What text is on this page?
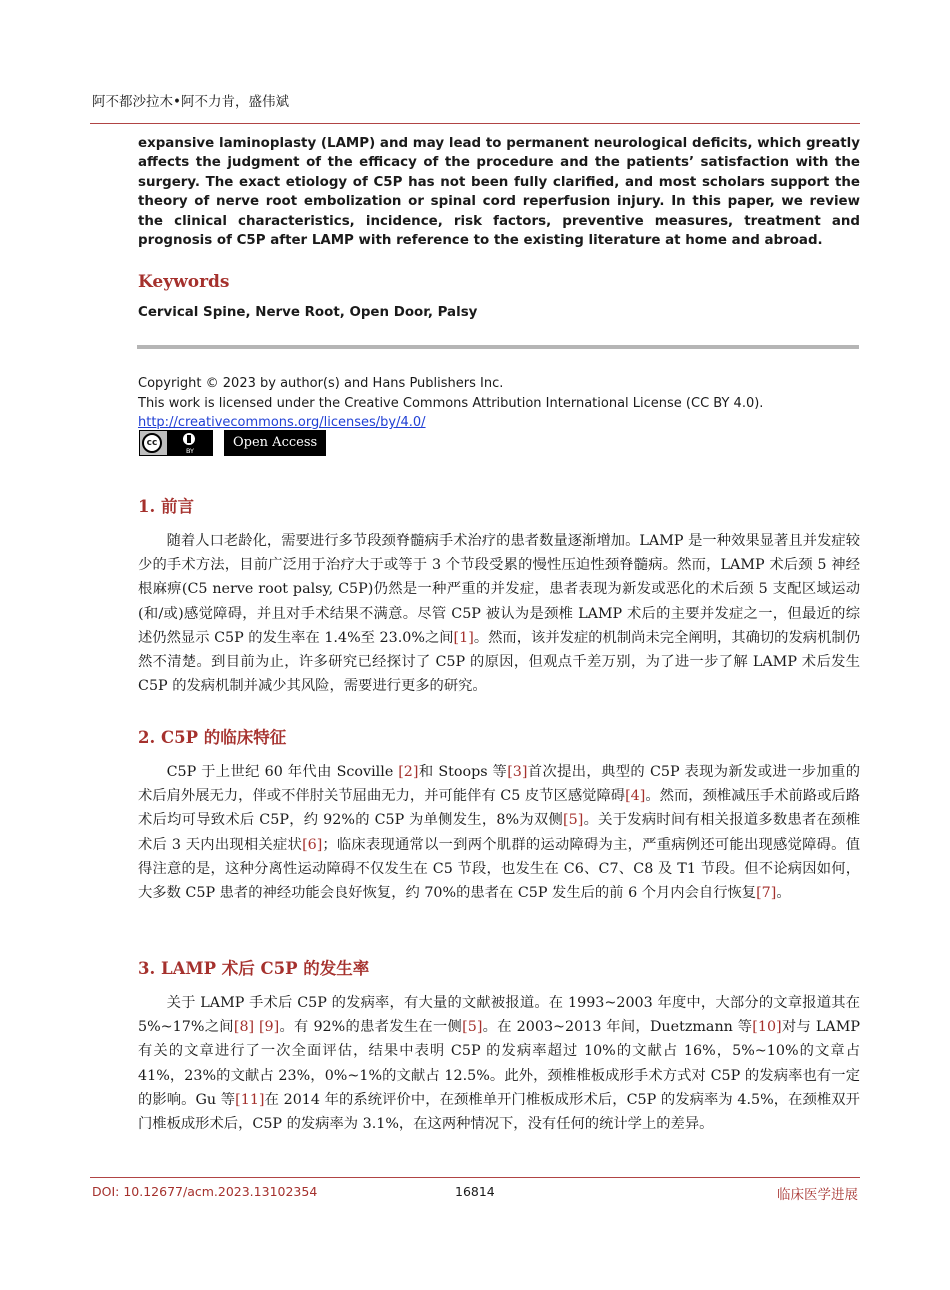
阿不都沙拉木•阿不力肯，盛伟斌

expansive laminoplasty (LAMP) and may lead to permanent neurological deficits, which greatly affects the judgment of the efficacy of the procedure and the patients’ satisfaction with the surgery. The exact etiology of C5P has not been fully clarified, and most scholars support the theory of nerve root embolization or spinal cord reperfusion injury. In this paper, we review the clinical characteristics, incidence, risk factors, preventive measures, treatment and prognosis of C5P after LAMP with reference to the existing literature at home and abroad.

Keywords
Cervical Spine, Nerve Root, Open Door, Palsy
Copyright © 2023 by author(s) and Hans Publishers Inc.
This work is licensed under the Creative Commons Attribution International License (CC BY 4.0).
http://creativecommons.org/licenses/by/4.0/
cc
BY
Open Access
1. 前言

随着人口老龄化，需要进行多节段颈脊髓病手术治疗的患者数量逐渐增加。LAMP 是一种效果显著且并发症较少的手术方法，目前广泛用于治疗大于或等于 3 个节段受累的慢性压迫性颈脊髓病。然而，LAMP 术后颈 5 神经根麻痹(C5 nerve root palsy, C5P)仍然是一种严重的并发症，患者表现为新发或恶化的术后颈 5 支配区域运动(和/或)感觉障碍，并且对手术结果不满意。尽管 C5P 被认为是颈椎 LAMP 术后的主要并发症之一，但最近的综述仍然显示 C5P 的发生率在 1.4%至 23.0%之间[1]。然而，该并发症的机制尚未完全阐明，其确切的发病机制仍然不清楚。到目前为止，许多研究已经探讨了 C5P 的原因，但观点千差万别，为了进一步了解 LAMP 术后发生 C5P 的发病机制并减少其风险，需要进行更多的研究。

2. C5P 的临床特征

C5P 于上世纪 60 年代由 Scoville [2]和 Stoops 等[3]首次提出，典型的 C5P 表现为新发或进一步加重的术后肩外展无力，伴或不伴肘关节屈曲无力，并可能伴有 C5 皮节区感觉障碍[4]。然而，颈椎减压手术前路或后路术后均可导致术后 C5P，约 92%的 C5P 为单侧发生，8%为双侧[5]。关于发病时间有相关报道多数患者在颈椎术后 3 天内出现相关症状[6]；临床表现通常以一到两个肌群的运动障碍为主，严重病例还可能出现感觉障碍。值得注意的是，这种分离性运动障碍不仅发生在 C5 节段，也发生在 C6、C7、C8 及 T1 节段。但不论病因如何，大多数 C5P 患者的神经功能会良好恢复，约 70%的患者在 C5P 发生后的前 6 个月内会自行恢复[7]。

3. LAMP 术后 C5P 的发生率

关于 LAMP 手术后 C5P 的发病率，有大量的文献被报道。在 1993~2003 年度中，大部分的文章报道其在 5%~17%之间[8] [9]。有 92%的患者发生在一侧[5]。在 2003~2013 年间，Duetzmann 等[10]对与 LAMP 有关的文章进行了一次全面评估，结果中表明 C5P 的发病率超过 10%的文献占 16%，5%~10%的文章占 41%，23%的文献占 23%，0%~1%的文献占 12.5%。此外，颈椎椎板成形手术方式对 C5P 的发病率也有一定的影响。Gu 等[11]在 2014 年的系统评价中，在颈椎单开门椎板成形术后，C5P 的发病率为 4.5%，在颈椎双开门椎板成形术后，C5P 的发病率为 3.1%，在这两种情况下，没有任何的统计学上的差异。

DOI: 10.12677/acm.2023.13102354	16814	临床医学进展
